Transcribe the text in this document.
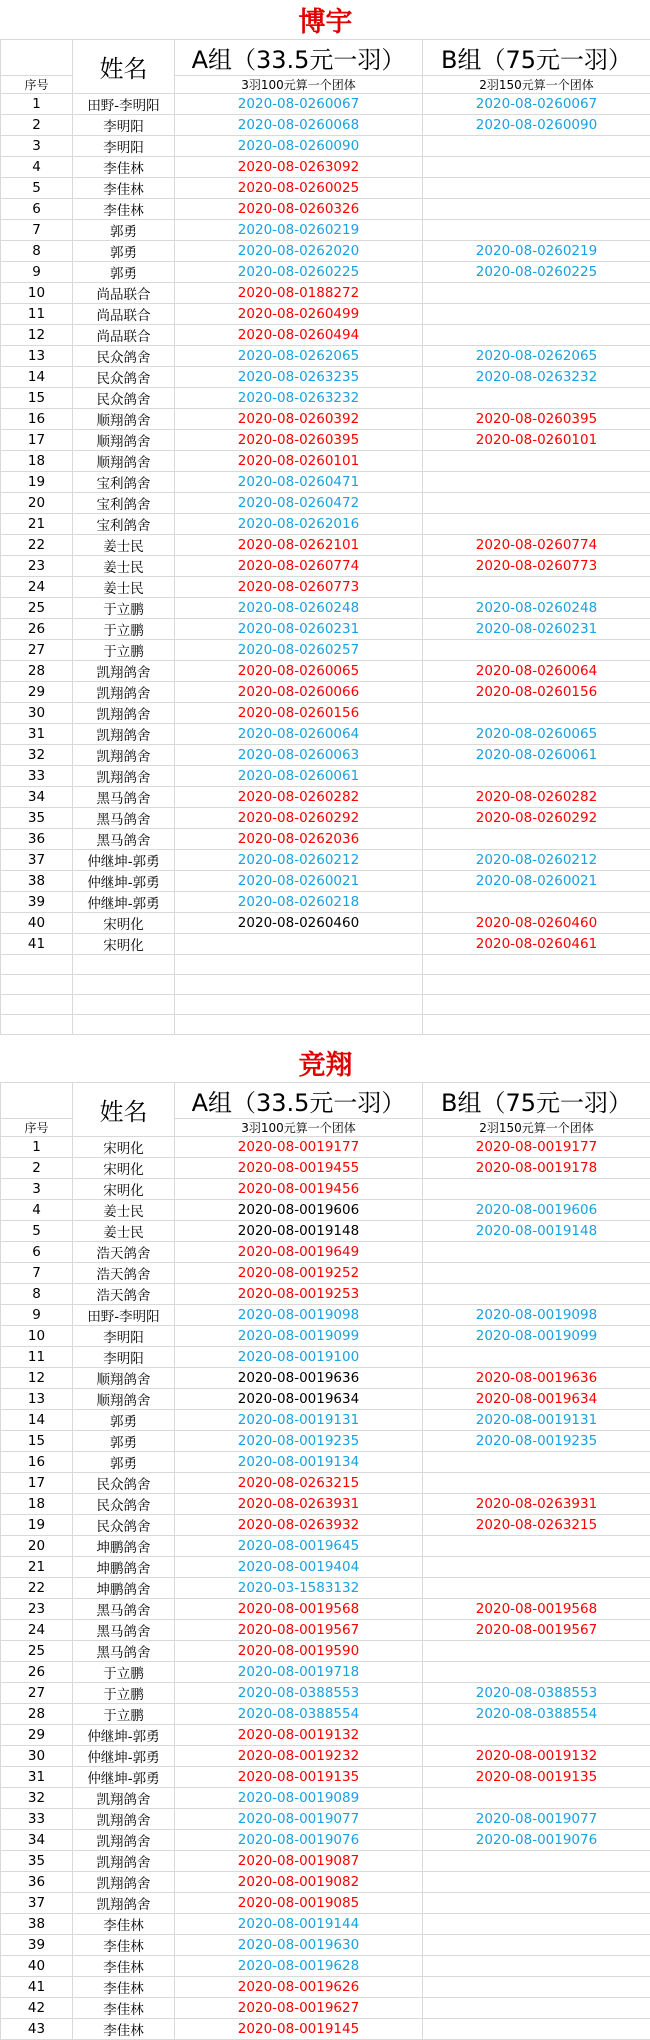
博宇			
	姓名	A组（33.5元一羽）	B组（75元一羽）
序号		3羽100元算一个团体	2羽150元算一个团体
1	田野-李明阳	2020-08-0260067	2020-08-0260067
2	李明阳	2020-08-0260068	2020-08-0260090
3	李明阳	2020-08-0260090	
4	李佳林	2020-08-0263092	
5	李佳林	2020-08-0260025	
6	李佳林	2020-08-0260326	
7	郭勇	2020-08-0260219	
8	郭勇	2020-08-0262020	2020-08-0260219
9	郭勇	2020-08-0260225	2020-08-0260225
10	尚品联合	2020-08-0188272	
11	尚品联合	2020-08-0260499	
12	尚品联合	2020-08-0260494	
13	民众鸽舍	2020-08-0262065	2020-08-0262065
14	民众鸽舍	2020-08-0263235	2020-08-0263232
15	民众鸽舍	2020-08-0263232	
16	顺翔鸽舍	2020-08-0260392	2020-08-0260395
17	顺翔鸽舍	2020-08-0260395	2020-08-0260101
18	顺翔鸽舍	2020-08-0260101	
19	宝利鸽舍	2020-08-0260471	
20	宝利鸽舍	2020-08-0260472	
21	宝利鸽舍	2020-08-0262016	
22	姜士民	2020-08-0262101	2020-08-0260774
23	姜士民	2020-08-0260774	2020-08-0260773
24	姜士民	2020-08-0260773	
25	于立鹏	2020-08-0260248	2020-08-0260248
26	于立鹏	2020-08-0260231	2020-08-0260231
27	于立鹏	2020-08-0260257	
28	凯翔鸽舍	2020-08-0260065	2020-08-0260064
29	凯翔鸽舍	2020-08-0260066	2020-08-0260156
30	凯翔鸽舍	2020-08-0260156	
31	凯翔鸽舍	2020-08-0260064	2020-08-0260065
32	凯翔鸽舍	2020-08-0260063	2020-08-0260061
33	凯翔鸽舍	2020-08-0260061	
34	黑马鸽舍	2020-08-0260282	2020-08-0260282
35	黑马鸽舍	2020-08-0260292	2020-08-0260292
36	黑马鸽舍	2020-08-0262036	
37	仲继坤-郭勇	2020-08-0260212	2020-08-0260212
38	仲继坤-郭勇	2020-08-0260021	2020-08-0260021
39	仲继坤-郭勇	2020-08-0260218	
40	宋明化	2020-08-0260460	2020-08-0260460
41	宋明化		2020-08-0260461

竞翔			
	姓名	A组（33.5元一羽）	B组（75元一羽）
序号		3羽100元算一个团体	2羽150元算一个团体
1	宋明化	2020-08-0019177	2020-08-0019177
2	宋明化	2020-08-0019455	2020-08-0019178
3	宋明化	2020-08-0019456	
4	姜士民	2020-08-0019606	2020-08-0019606
5	姜士民	2020-08-0019148	2020-08-0019148
6	浩天鸽舍	2020-08-0019649	
7	浩天鸽舍	2020-08-0019252	
8	浩天鸽舍	2020-08-0019253	
9	田野-李明阳	2020-08-0019098	2020-08-0019098
10	李明阳	2020-08-0019099	2020-08-0019099
11	李明阳	2020-08-0019100	
12	顺翔鸽舍	2020-08-0019636	2020-08-0019636
13	顺翔鸽舍	2020-08-0019634	2020-08-0019634
14	郭勇	2020-08-0019131	2020-08-0019131
15	郭勇	2020-08-0019235	2020-08-0019235
16	郭勇	2020-08-0019134	
17	民众鸽舍	2020-08-0263215	
18	民众鸽舍	2020-08-0263931	2020-08-0263931
19	民众鸽舍	2020-08-0263932	2020-08-0263215
20	坤鹏鸽舍	2020-08-0019645	
21	坤鹏鸽舍	2020-08-0019404	
22	坤鹏鸽舍	2020-03-1583132	
23	黑马鸽舍	2020-08-0019568	2020-08-0019568
24	黑马鸽舍	2020-08-0019567	2020-08-0019567
25	黑马鸽舍	2020-08-0019590	
26	于立鹏	2020-08-0019718	
27	于立鹏	2020-08-0388553	2020-08-0388553
28	于立鹏	2020-08-0388554	2020-08-0388554
29	仲继坤-郭勇	2020-08-0019132	
30	仲继坤-郭勇	2020-08-0019232	2020-08-0019132
31	仲继坤-郭勇	2020-08-0019135	2020-08-0019135
32	凯翔鸽舍	2020-08-0019089	
33	凯翔鸽舍	2020-08-0019077	2020-08-0019077
34	凯翔鸽舍	2020-08-0019076	2020-08-0019076
35	凯翔鸽舍	2020-08-0019087	
36	凯翔鸽舍	2020-08-0019082	
37	凯翔鸽舍	2020-08-0019085	
38	李佳林	2020-08-0019144	
39	李佳林	2020-08-0019630	
40	李佳林	2020-08-0019628	
41	李佳林	2020-08-0019626	
42	李佳林	2020-08-0019627	
43	李佳林	2020-08-0019145	
